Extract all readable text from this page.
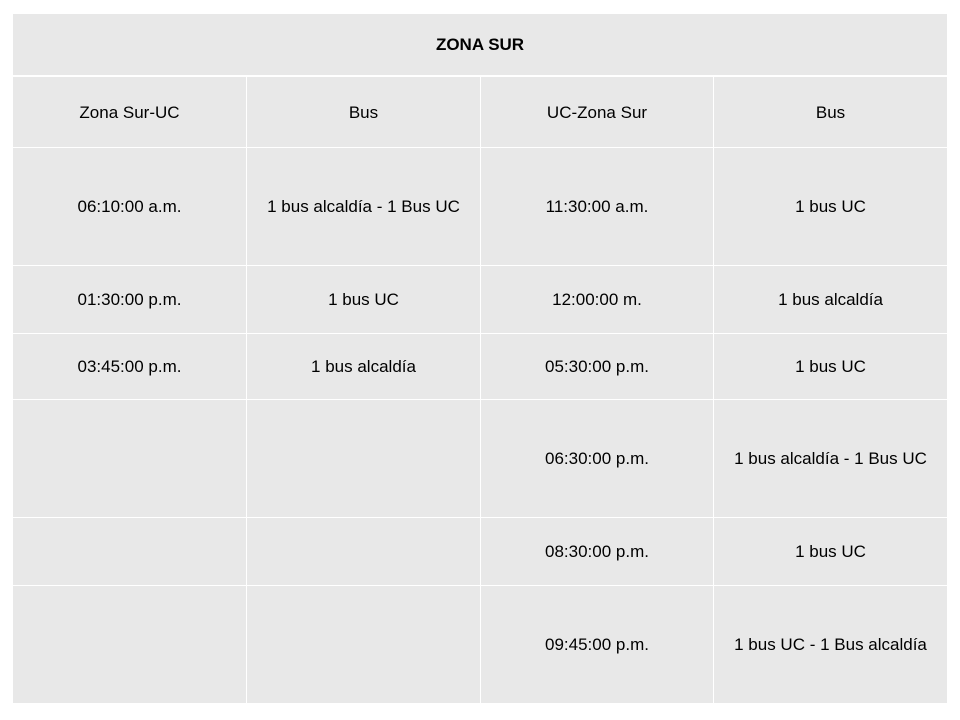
ZONA SUR			
Zona Sur-UC	Bus	UC-Zona Sur	Bus
06:10:00 a.m.	1 bus alcaldía - 1 Bus UC	11:30:00 a.m.	1 bus UC
01:30:00 p.m.	1 bus UC	12:00:00 m.	1 bus alcaldía
03:45:00 p.m.	1 bus alcaldía	05:30:00 p.m.	1 bus UC
		06:30:00 p.m.	1 bus alcaldía - 1 Bus UC
		08:30:00 p.m.	1 bus UC
		09:45:00 p.m.	1 bus UC - 1 Bus alcaldía
